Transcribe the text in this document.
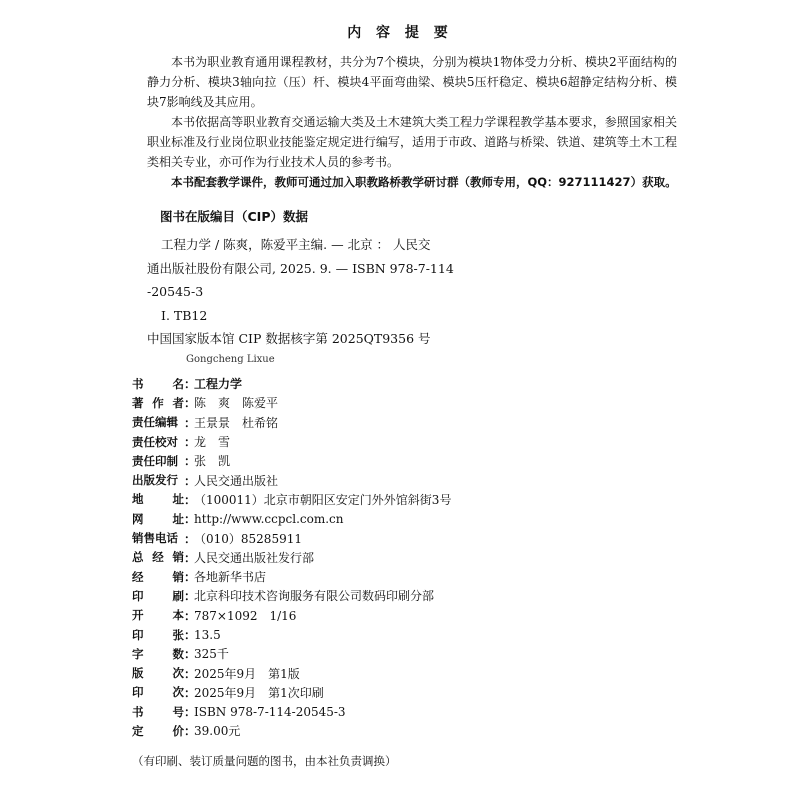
内 容 提 要

本书为职业教育通用课程教材，共分为7个模块，分别为模块1物体受力分析、模块2平面结构的静力分析、模块3轴向拉（压）杆、模块4平面弯曲梁、模块5压杆稳定、模块6超静定结构分析、模块7影响线及其应用。

本书依据高等职业教育交通运输大类及土木建筑大类工程力学课程教学基本要求，参照国家相关职业标准及行业岗位职业技能鉴定规定进行编写，适用于市政、道路与桥梁、铁道、建筑等土木工程类相关专业，亦可作为行业技术人员的参考书。

本书配套教学课件，教师可通过加入职教路桥教学研讨群（教师专用，QQ：927111427）获取。

图书在版编目（CIP）数据
工程力学 / 陈爽，陈爱平主编. — 北京 ： 人民交
通出版社股份有限公司, 2025. 9. — ISBN 978-7-114
-20545-3
Ⅰ. TB12
中国国家版本馆 CIP 数据核字第 2025QT9356 号
Gongcheng Lixue
书	名 ：
工程力学
著 作 者 ：
陈　爽　陈爱平
责任编辑 ：
王景景　杜希铭
责任校对 ：
龙　雪
责任印制 ：
张　凯
出版发行 ：
人民交通出版社
地	址 ：
（100011）北京市朝阳区安定门外外馆斜街3号
网	址 ：
http://www.ccpcl.com.cn
销售电话 ：
（010）85285911
总 经 销 ：
人民交通出版社发行部
经	销 ：
各地新华书店
印	刷 ：
北京科印技术咨询服务有限公司数码印刷分部
开	本 ：
787×1092　1/16
印	张 ：
13.5
字	数 ：
325千
版	次 ：
2025年9月　第1版
印	次 ：
2025年9月　第1次印刷
书	号 ：
ISBN 978-7-114-20545-3
定	价 ：
39.00元
（有印刷、装订质量问题的图书，由本社负责调换）
